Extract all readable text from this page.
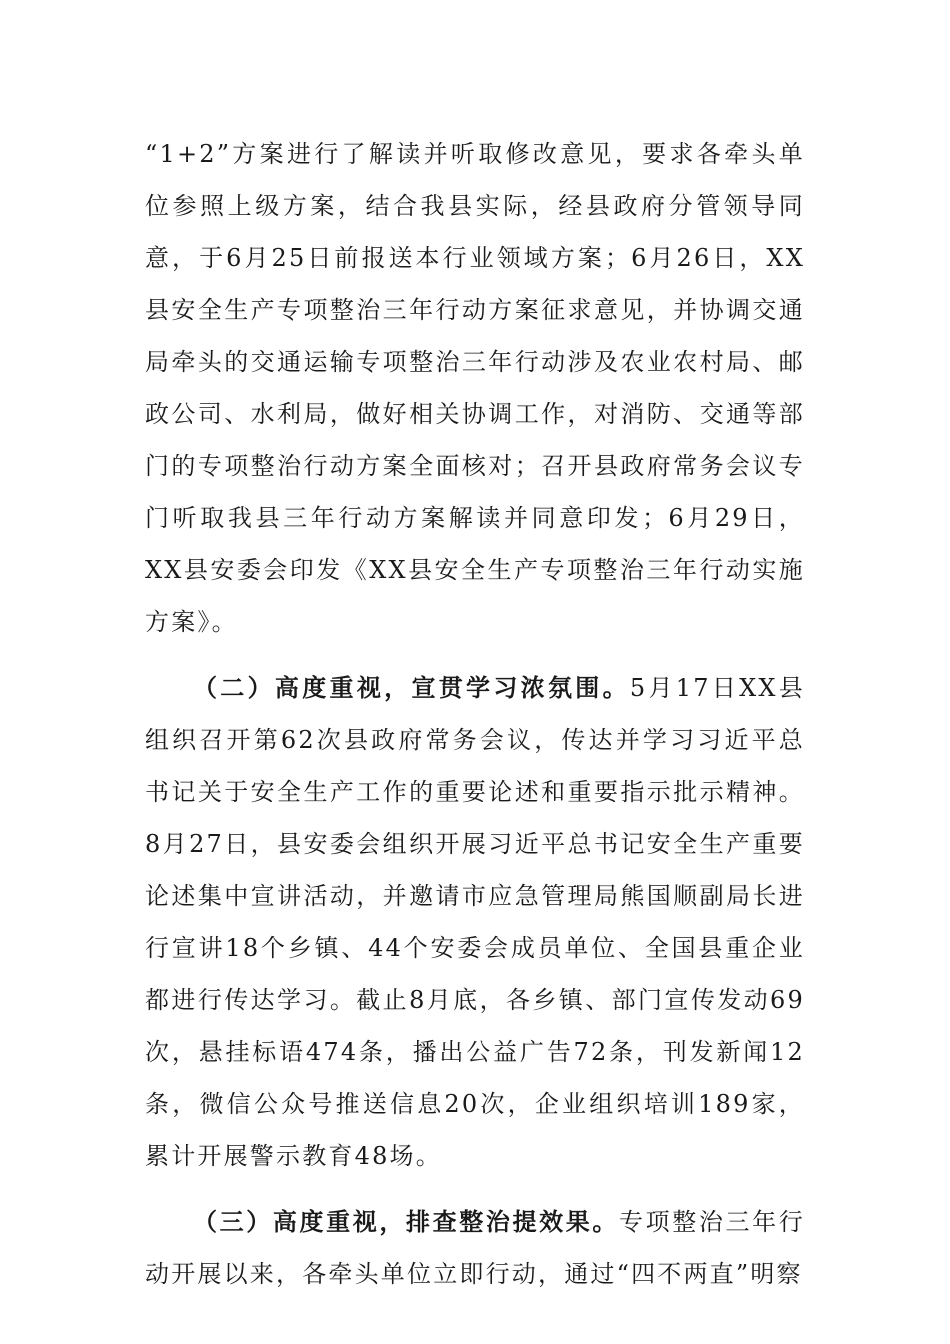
“1+2”方案进行了解读并听取修改意见，要求各牵头单位参照上级方案，结合我县实际，经县政府分管领导同意，于6月25日前报送本行业领域方案；6月26日，XX县安全生产专项整治三年行动方案征求意见，并协调交通局牵头的交通运输专项整治三年行动涉及农业农村局、邮政公司、水利局，做好相关协调工作，对消防、交通等部门的专项整治行动方案全面核对；召开县政府常务会议专门听取我县三年行动方案解读并同意印发；6月29日，XX县安委会印发《XX县安全生产专项整治三年行动实施方案》。

（二）高度重视，宣贯学习浓氛围。5月17日XX县组织召开第62次县政府常务会议，传达并学习习近平总书记关于安全生产工作的重要论述和重要指示批示精神。8月27日，县安委会组织开展习近平总书记安全生产重要论述集中宣讲活动，并邀请市应急管理局熊国顺副局长进行宣讲18个乡镇、44个安委会成员单位、全国县重企业都进行传达学习。截止8月底，各乡镇、部门宣传发动69次，悬挂标语474条，播出公益广告72条，刊发新闻12条，微信公众号推送信息20次，企业组织培训189家，累计开展警示教育48场。

（三）高度重视，排查整治提效果。专项整治三年行动开展以来，各牵头单位立即行动，通过“四不两直”明察
